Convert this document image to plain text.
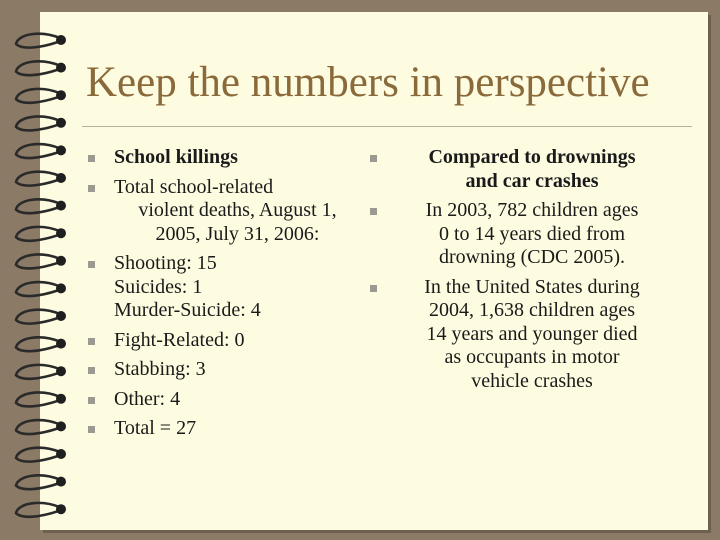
Keep the numbers in perspective
School killings
Total school-related
violent deaths, August 1,
2005, July 31, 2006:
Shooting: 15
Suicides: 1
Murder-Suicide: 4
Fight-Related: 0
Stabbing: 3
Other: 4
Total = 27
Compared to drownings
and car crashes
In 2003, 782 children ages
0 to 14 years died from
drowning (CDC 2005).
In the United States during
2004, 1,638 children ages
14 years and younger died
as occupants in motor
vehicle crashes
